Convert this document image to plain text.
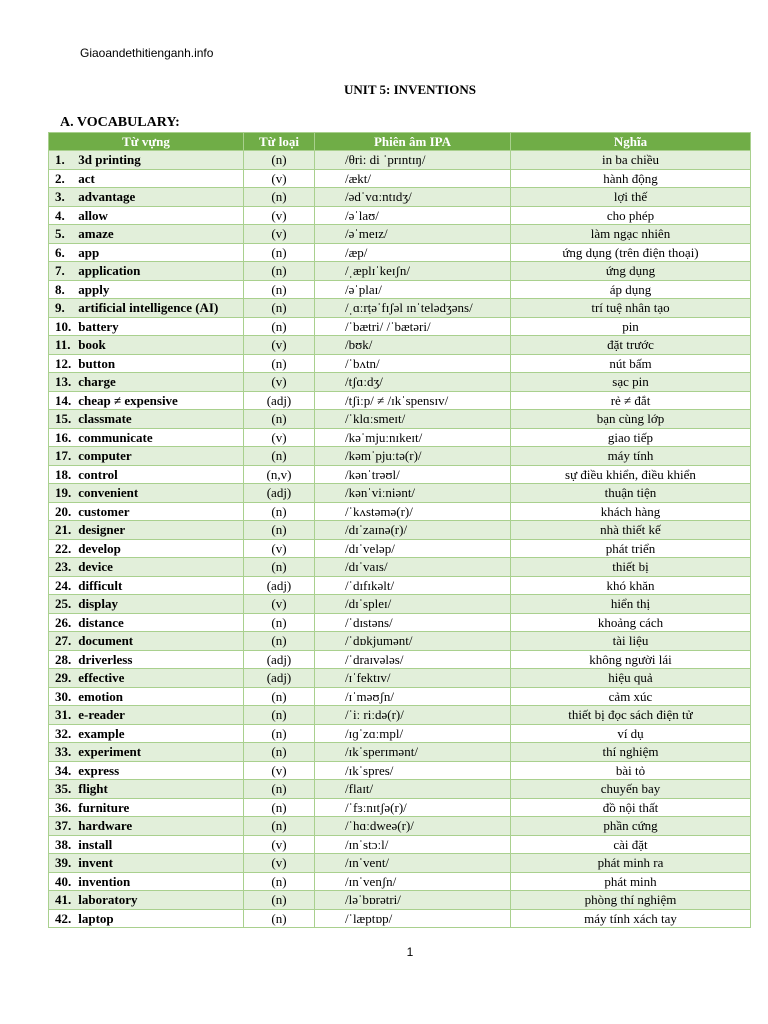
Giaoandethitienganh.info
UNIT 5: INVENTIONS
A. VOCABULARY:
Từ vựng	Từ loại	Phiên âm IPA	Nghĩa
1. 3d printing	(n)	/θri: di ˈprɪntɪŋ/	in ba chiều
2. act	(v)	/ækt/	hành động
3. advantage	(n)	/ədˈvɑːntɪdʒ/	lợi thế
4. allow	(v)	/əˈlaʊ/	cho phép
5. amaze	(v)	/əˈmeɪz/	làm ngạc nhiên
6. app	(n)	/æp/	ứng dụng (trên điện thoại)
7. application	(n)	/ˌæplɪˈkeɪʃn/	ứng dụng
8. apply	(n)	/əˈplaɪ/	áp dụng
9. artificial intelligence (AI)	(n)	/ˌɑːrṭəˈfɪʃəl ɪnˈtelədʒəns/	trí tuệ nhân tạo
10. battery	(n)	/ˈbætri/ /ˈbætəri/	pin
11. book	(v)	/bʊk/	đặt trước
12. button	(n)	/ˈbʌtn/	nút bấm
13. charge	(v)	/tʃɑːdʒ/	sạc pin
14. cheap ≠ expensive	(adj)	/tʃiːp/ ≠ /ɪkˈspensɪv/	rẻ ≠ đắt
15. classmate	(n)	/ˈklɑːsmeɪt/	bạn cùng lớp
16. communicate	(v)	/kəˈmjuːnɪkeɪt/	giao tiếp
17. computer	(n)	/kəmˈpjuːtə(r)/	máy tính
18. control	(n,v)	/kənˈtrəʊl/	sự điều khiển, điều khiển
19. convenient	(adj)	/kənˈviːniənt/	thuận tiện
20. customer	(n)	/ˈkʌstəmə(r)/	khách hàng
21. designer	(n)	/dɪˈzaɪnə(r)/	nhà thiết kế
22. develop	(v)	/dɪˈveləp/	phát triển
23. device	(n)	/dɪˈvaɪs/	thiết bị
24. difficult	(adj)	/ˈdɪfɪkəlt/	khó khăn
25. display	(v)	/dɪˈspleɪ/	hiển thị
26. distance	(n)	/ˈdɪstəns/	khoảng cách
27. document	(n)	/ˈdɒkjumənt/	tài liệu
28. driverless	(adj)	/ˈdraɪvələs/	không người lái
29. effective	(adj)	/ɪˈfektɪv/	hiệu quả
30. emotion	(n)	/ɪˈməʊʃn/	cảm xúc
31. e-reader	(n)	/ˈiː riːdə(r)/	thiết bị đọc sách điện tử
32. example	(n)	/ɪɡˈzɑːmpl/	ví dụ
33. experiment	(n)	/ɪkˈsperɪmənt/	thí nghiệm
34. express	(v)	/ɪkˈspres/	bài tỏ
35. flight	(n)	/flaɪt/	chuyến bay
36. furniture	(n)	/ˈfɜːnɪtʃə(r)/	đồ nội thất
37. hardware	(n)	/ˈhɑːdweə(r)/	phần cứng
38. install	(v)	/ɪnˈstɔːl/	cài đặt
39. invent	(v)	/ɪnˈvent/	phát minh ra
40. invention	(n)	/ɪnˈvenʃn/	phát minh
41. laboratory	(n)	/ləˈbɒrətri/	phòng thí nghiệm
42. laptop	(n)	/ˈlæptɒp/	máy tính xách tay
1
